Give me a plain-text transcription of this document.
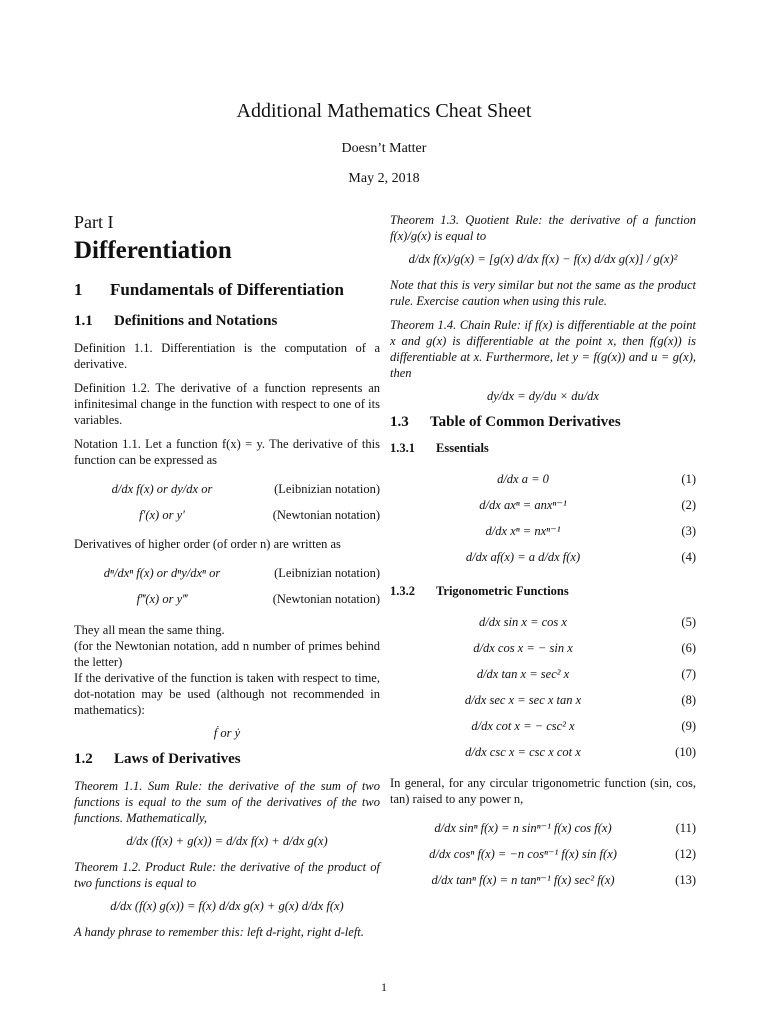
Additional Mathematics Cheat Sheet
Doesn’t Matter
May 2, 2018
Part I
Differentiation
1	Fundamentals of Differentiation
1.1	Definitions and Notations

Definition 1.1. Differentiation is the computation of a derivative.

Definition 1.2. The derivative of a function represents an infinitesimal change in the function with respect to one of its variables.

Notation 1.1. Let a function f(x) = y. The derivative of this function can be expressed as

d/dx f(x) or dy/dx or	(Leibnizian notation)
f′(x) or y′	(Newtonian notation)

Derivatives of higher order (of order n) are written as

dⁿ/dxⁿ f(x) or dⁿy/dxⁿ or	(Leibnizian notation)
f‴(x) or y‴	(Newtonian notation)

They all mean the same thing.

(for the Newtonian notation, add n number of primes behind the letter)

If the derivative of the function is taken with respect to time, dot-notation may be used (although not recommended in mathematics):

ḟ or ẏ
1.2	Laws of Derivatives

Theorem 1.1. Sum Rule: the derivative of the sum of two functions is equal to the sum of the derivatives of the two functions. Mathematically,

d/dx (f(x) + g(x)) = d/dx f(x) + d/dx g(x)

Theorem 1.2. Product Rule: the derivative of the product of two functions is equal to

d/dx (f(x) g(x)) = f(x) d/dx g(x) + g(x) d/dx f(x)

A handy phrase to remember this: left d-right, right d-left.

Theorem 1.3. Quotient Rule: the derivative of a function f(x)/g(x) is equal to

d/dx f(x)/g(x) = [g(x) d/dx f(x) − f(x) d/dx g(x)] / g(x)²

Note that this is very similar but not the same as the product rule. Exercise caution when using this rule.

Theorem 1.4. Chain Rule: if f(x) is differentiable at the point x and g(x) is differentiable at the point x, then f(g(x)) is differentiable at x. Furthermore, let y = f(g(x)) and u = g(x), then

dy/dx = dy/du × du/dx
1.3	Table of Common Derivatives
1.3.1	Essentials
d/dx a = 0	(1)
d/dx axⁿ = anxⁿ⁻¹	(2)
d/dx xⁿ = nxⁿ⁻¹	(3)
d/dx af(x) = a d/dx f(x)	(4)
1.3.2	Trigonometric Functions
d/dx sin x = cos x	(5)
d/dx cos x = − sin x	(6)
d/dx tan x = sec² x	(7)
d/dx sec x = sec x tan x	(8)
d/dx cot x = − csc² x	(9)
d/dx csc x = csc x cot x	(10)

In general, for any circular trigonometric function (sin, cos, tan) raised to any power n,

d/dx sinⁿ f(x) = n sinⁿ⁻¹ f(x) cos f(x)	(11)
d/dx cosⁿ f(x) = −n cosⁿ⁻¹ f(x) sin f(x)	(12)
d/dx tanⁿ f(x) = n tanⁿ⁻¹ f(x) sec² f(x)	(13)
1
